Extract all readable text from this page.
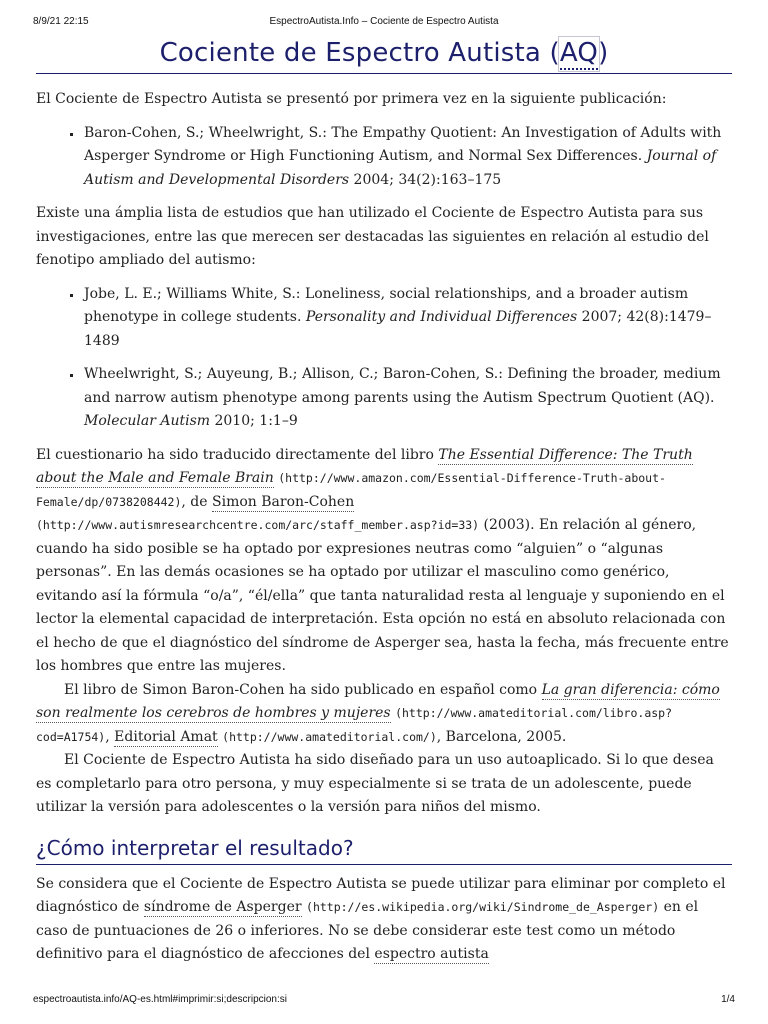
8/9/21 22:15	EspectroAutista.Info – Cociente de Espectro Autista
Cociente de Espectro Autista (AQ)

El Cociente de Espectro Autista se presentó por primera vez en la siguiente publicación:

▪ Baron-Cohen, S.; Wheelwright, S.: The Empathy Quotient: An Investigation of Adults with Asperger Syndrome or High Functioning Autism, and Normal Sex Differences. Journal of Autism and Developmental Disorders 2004; 34(2):163–175

Existe una ámplia lista de estudios que han utilizado el Cociente de Espectro Autista para sus investigaciones, entre las que merecen ser destacadas las siguientes en relación al estudio del fenotipo ampliado del autismo:

▪ Jobe, L. E.; Williams White, S.: Loneliness, social relationships, and a broader autism phenotype in college students. Personality and Individual Differences 2007; 42(8):1479–1489
▪ Wheelwright, S.; Auyeung, B.; Allison, C.; Baron-Cohen, S.: Defining the broader, medium and narrow autism phenotype among parents using the Autism Spectrum Quotient (AQ). Molecular Autism 2010; 1:1–9

El cuestionario ha sido traducido directamente del libro The Essential Difference: The Truth about the Male and Female Brain (http://www.amazon.com/Essential-Difference-Truth-about-Female/dp/0738208442), de Simon Baron-Cohen (http://www.autismresearchcentre.com/arc/staff_member.asp?id=33) (2003). En relación al género, cuando ha sido posible se ha optado por expresiones neutras como “alguien” o “algunas personas”. En las demás ocasiones se ha optado por utilizar el masculino como genérico, evitando así la fórmula “o/a”, “él/ella” que tanta naturalidad resta al lenguaje y suponiendo en el lector la elemental capacidad de interpretación. Esta opción no está en absoluto relacionada con el hecho de que el diagnóstico del síndrome de Asperger sea, hasta la fecha, más frecuente entre los hombres que entre las mujeres.

El libro de Simon Baron-Cohen ha sido publicado en español como La gran diferencia: cómo son realmente los cerebros de hombres y mujeres (http://www.amateditorial.com/libro.asp?cod=A1754), Editorial Amat (http://www.amateditorial.com/), Barcelona, 2005.

El Cociente de Espectro Autista ha sido diseñado para un uso autoaplicado. Si lo que desea es completarlo para otro persona, y muy especialmente si se trata de un adolescente, puede utilizar la versión para adolescentes o la versión para niños del mismo.

¿Cómo interpretar el resultado?

Se considera que el Cociente de Espectro Autista se puede utilizar para eliminar por completo el diagnóstico de síndrome de Asperger (http://es.wikipedia.org/wiki/Sindrome_de_Asperger) en el caso de puntuaciones de 26 o inferiores. No se debe considerar este test como un método definitivo para el diagnóstico de afecciones del espectro autista

espectroautista.info/AQ-es.html#imprimir:si;descripcion:si	1/4
